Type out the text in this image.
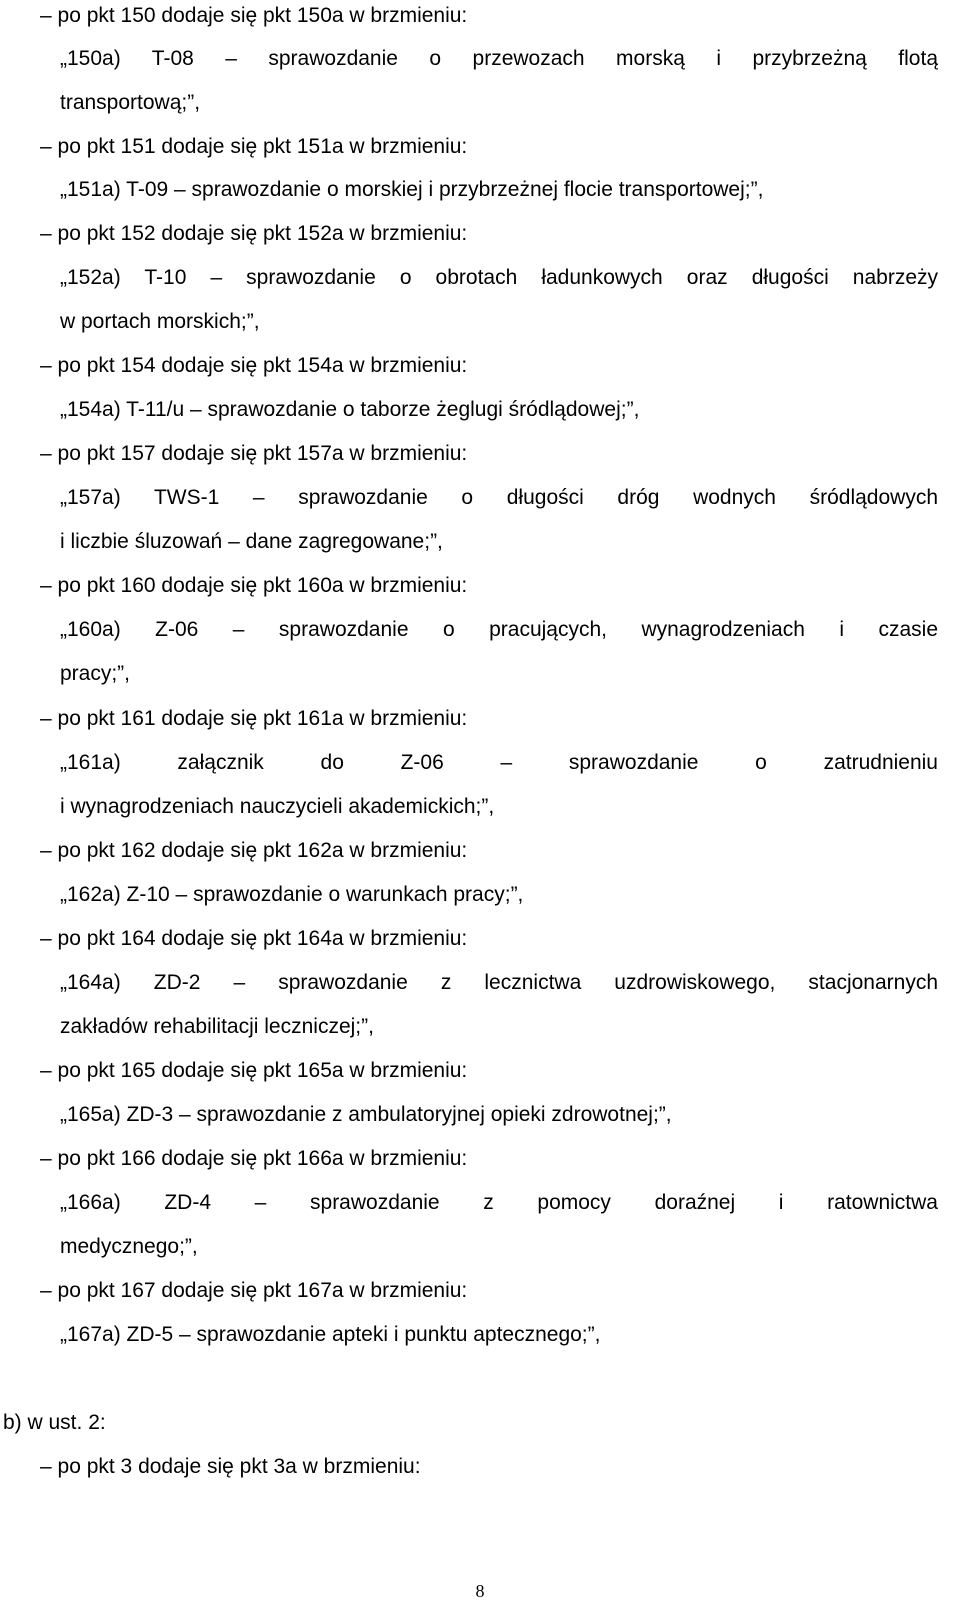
– po pkt 150 dodaje się pkt 150a w brzmieniu:
„150a) T-08 – sprawozdanie o przewozach morską i przybrzeżną flotą
transportową;”,
– po pkt 151 dodaje się pkt 151a w brzmieniu:
„151a) T-09 – sprawozdanie o morskiej i przybrzeżnej flocie transportowej;”,
– po pkt 152 dodaje się pkt 152a w brzmieniu:
„152a) T-10 – sprawozdanie o obrotach ładunkowych oraz długości nabrzeży
w portach morskich;”,
– po pkt 154 dodaje się pkt 154a w brzmieniu:
„154a) T-11/u – sprawozdanie o taborze żeglugi śródlądowej;”,
– po pkt 157 dodaje się pkt 157a w brzmieniu:
„157a) TWS-1 – sprawozdanie o długości dróg wodnych śródlądowych
i liczbie śluzowań – dane zagregowane;”,
– po pkt 160 dodaje się pkt 160a w brzmieniu:
„160a) Z-06 – sprawozdanie o pracujących, wynagrodzeniach i czasie
pracy;”,
– po pkt 161 dodaje się pkt 161a w brzmieniu:
„161a) załącznik do Z-06 – sprawozdanie o zatrudnieniu
i wynagrodzeniach nauczycieli akademickich;”,
– po pkt 162 dodaje się pkt 162a w brzmieniu:
„162a) Z-10 – sprawozdanie o warunkach pracy;”,
– po pkt 164 dodaje się pkt 164a w brzmieniu:
„164a) ZD-2 – sprawozdanie z lecznictwa uzdrowiskowego, stacjonarnych
zakładów rehabilitacji leczniczej;”,
– po pkt 165 dodaje się pkt 165a w brzmieniu:
„165a) ZD-3 – sprawozdanie z ambulatoryjnej opieki zdrowotnej;”,
– po pkt 166 dodaje się pkt 166a w brzmieniu:
„166a) ZD-4 – sprawozdanie z pomocy doraźnej i ratownictwa
medycznego;”,
– po pkt 167 dodaje się pkt 167a w brzmieniu:
„167a) ZD-5 – sprawozdanie apteki i punktu aptecznego;”,
b) w ust. 2:
– po pkt 3 dodaje się pkt 3a w brzmieniu:
8
